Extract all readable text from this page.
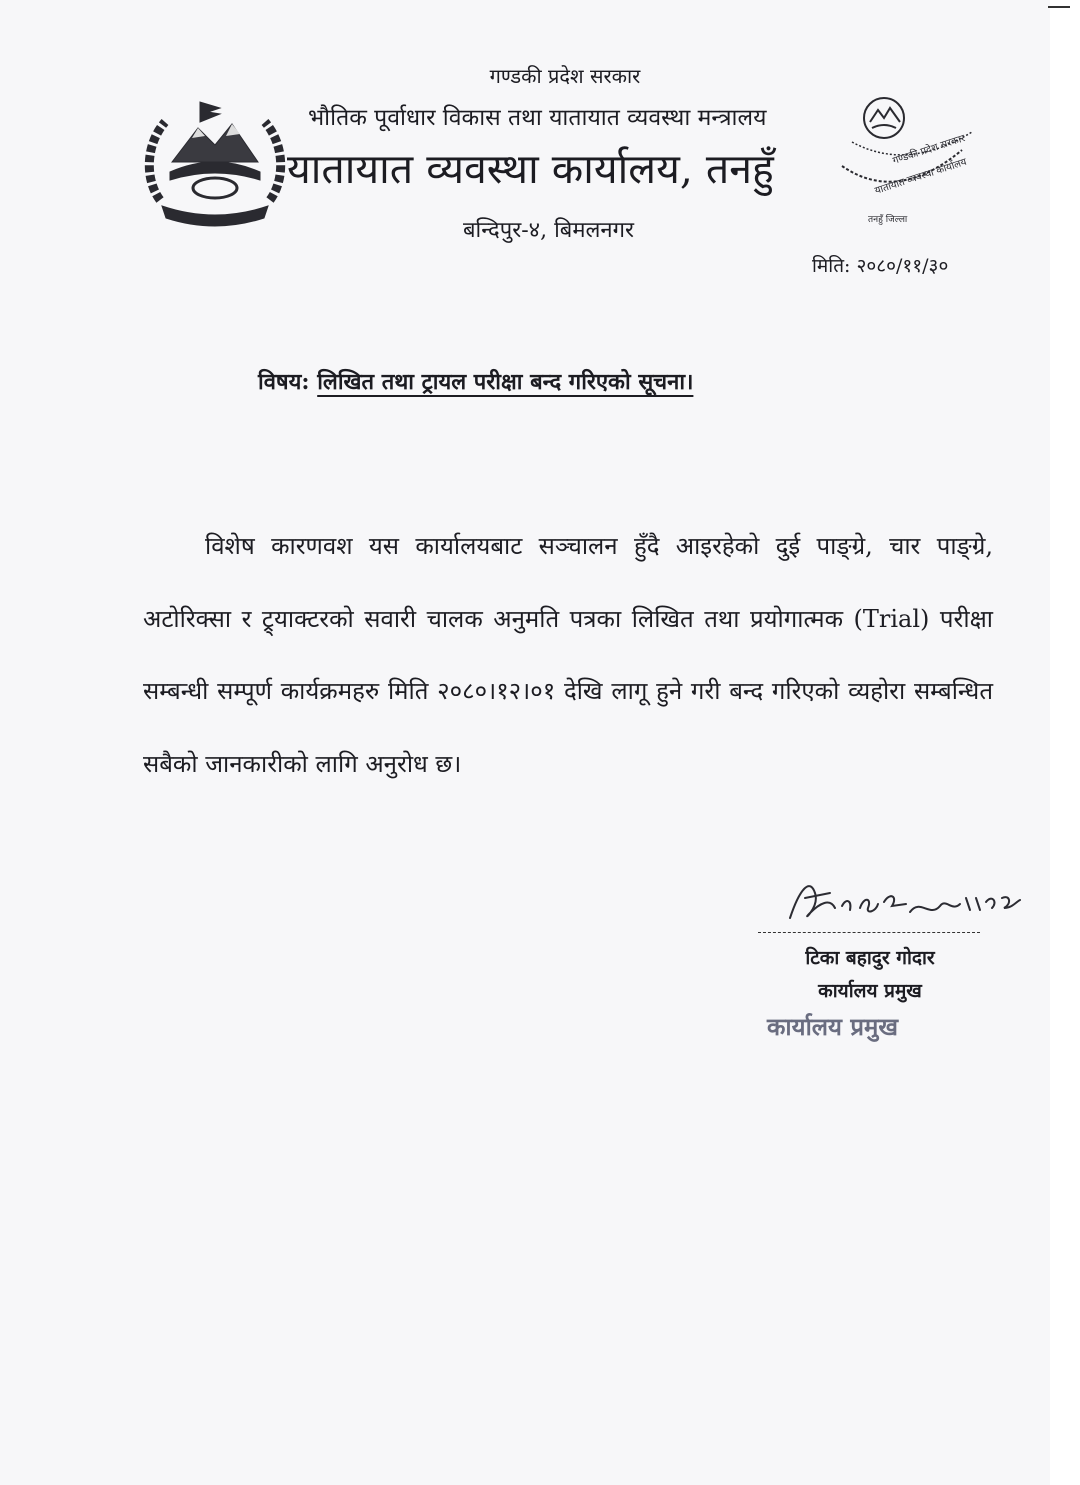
गण्डकी प्रदेश सरकार
भौतिक पूर्वाधार विकास तथा यातायात व्यवस्था मन्त्रालय
यातायात व्यवस्था कार्यालय, तनहुँ
बन्दिपुर-४, बिमलनगर
मिति: २०८०/११/३०
गण्डकी प्रदेश सरकार
यातायात व्यवस्था कार्यालय
तनहुँ जिल्ला
विषय: लिखित तथा ट्रायल परीक्षा बन्द गरिएको सूचना।

विशेष कारणवश यस कार्यालयबाट सञ्चालन हुँदै आइरहेको दुई पाङ्ग्रे, चार पाङ्ग्रे, अटोरिक्सा र ट्र्याक्टरको सवारी चालक अनुमति पत्रका लिखित तथा प्रयोगात्मक (Trial) परीक्षा सम्बन्धी सम्पूर्ण कार्यक्रमहरु मिति २०८०।१२।०१ देखि लागू हुने गरी बन्द गरिएको व्यहोरा सम्बन्धित सबैको जानकारीको लागि अनुरोध छ।

टिका बहादुर गोदार
कार्यालय प्रमुख
कार्यालय प्रमुख
